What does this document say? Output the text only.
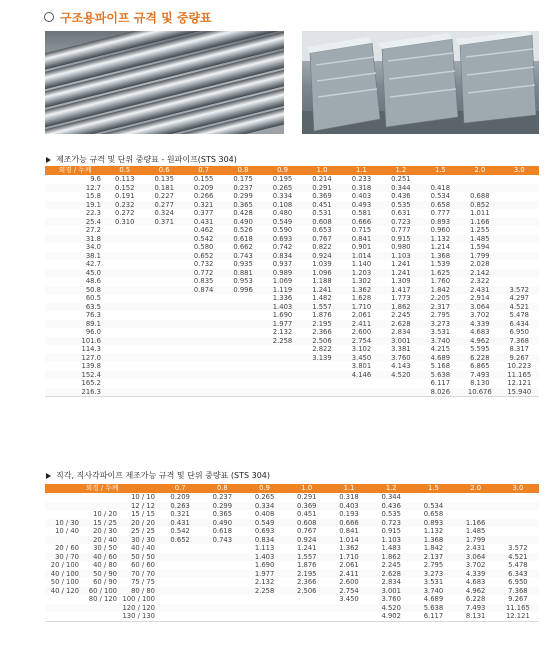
구조용파이프 규격 및 중량표
제조가능 규격 및 단위 중량표 - 원파이프(STS 304)
외경 / 두께	0.5	0.6	0.7	0.8	0.9	1.0	1.1	1.2	1.5	2.0	3.0
9.6	0.113	0.135	0.155	0.175	0.195	0.214	0.233	0.251			
12.7	0.152	0.181	0.209	0.237	0.265	0.291	0.318	0.344	0.418		
15.8	0.191	0.227	0.266	0.299	0.334	0.369	0.403	0.436	0.534	0.688	
19.1	0.232	0.277	0.321	0.365	0.108	0.451	0.493	0.535	0.658	0.852	
22.3	0.272	0.324	0.377	0.428	0.480	0.531	0.581	0.631	0.777	1.011	
25.4	0.310	0.371	0.431	0.490	0.549	0.608	0.666	0.723	0.893	1.166	
27.2			0.462	0.526	0.590	0.653	0.715	0.777	0.960	1.255	
31.8			0.542	0.618	0.693	0.767	0.841	0.915	1.132	1.485	
34.0			0.580	0.662	0.742	0.822	0.901	0.980	1.214	1.594	
38.1			0.652	0.743	0.834	0.924	1.014	1.103	1.368	1.799	
42.7			0.732	0.935	0.937	1.039	1.140	1.241	1.539	2.028	
45.0			0.772	0.881	0.989	1.096	1.203	1.241	1.625	2.142	
48.6			0.835	0.953	1.069	1.188	1.302	1.309	1.760	2.322	
50.8			0.874	0.996	1.119	1.241	1.362	1.417	1.842	2.431	3.572
60.5					1.336	1.482	1.628	1.773	2.205	2.914	4.297
63.5					1.403	1.557	1.710	1.862	2.317	3.064	4.521
76.3					1.690	1.876	2.061	2.245	2.795	3.702	5.478
89.1					1.977	2.195	2.411	2.628	3.273	4.339	6.434
96.0					2.132	2.366	2.600	2.834	3.531	4.683	6.950
101.6					2.258	2.506	2.754	3.001	3.740	4.962	7.368
114.3						2.822	3.102	3.381	4.215	5.595	8.317
127.0						3.139	3.450	3.760	4.689	6.228	9.267
139.8							3.801	4.143	5.168	6.865	10.223
152.4							4.146	4.520	5.638	7.493	11.165
165.2									6.117	8.130	12.121
216.3									8.026	10.676	15.940
직각, 직사각파이프 제조가능 규격 및 단위 중량표 (STS 304)
외경 / 두께			0.7	0.8	0.9	1.0	1.1	1.2	1.5	2.0	3.0
		10 / 10	0.209	0.237	0.265	0.291	0.318	0.344			
		12 / 12	0.263	0.299	0.334	0.369	0.403	0.436	0.534		
	10 / 20	15 / 15	0.321	0.365	0.408	0.451	0.193	0.535	0.658		
10 / 30	15 / 25	20 / 20	0.431	0.490	0.549	0.608	0.666	0.723	0.893	1.166	
10 / 40	20 / 30	25 / 25	0.542	0.618	0.693	0.767	0.841	0.915	1.132	1.485	
	20 / 40	30 / 30	0.652	0.743	0.834	0.924	1.014	1.103	1.368	1.799	
20 / 60	30 / 50	40 / 40			1.113	1.241	1.362	1.483	1.842	2.431	3.572
30 / 70	40 / 60	50 / 50			1.403	1.557	1.710	1.862	2.137	3.064	4.521
20 / 100	40 / 80	60 / 60			1.690	1.876	2.061	2.245	2.795	3.702	5.478
40 / 100	50 / 90	70 / 70			1.977	2.195	2.411	2.628	3.273	4.339	6.343
50 / 100	60 / 90	75 / 75			2.132	2.366	2.600	2.834	3.531	4.683	6.950
40 / 120	60 / 100	80 / 80			2.258	2.506	2.754	3.001	3.740	4.962	7.368
	80 / 120	100 / 100					3.450	3.760	4.689	6.228	9.267
		120 / 120						4.520	5.638	7.493	11.165
		130 / 130						4.902	6.117	8.131	12.121
